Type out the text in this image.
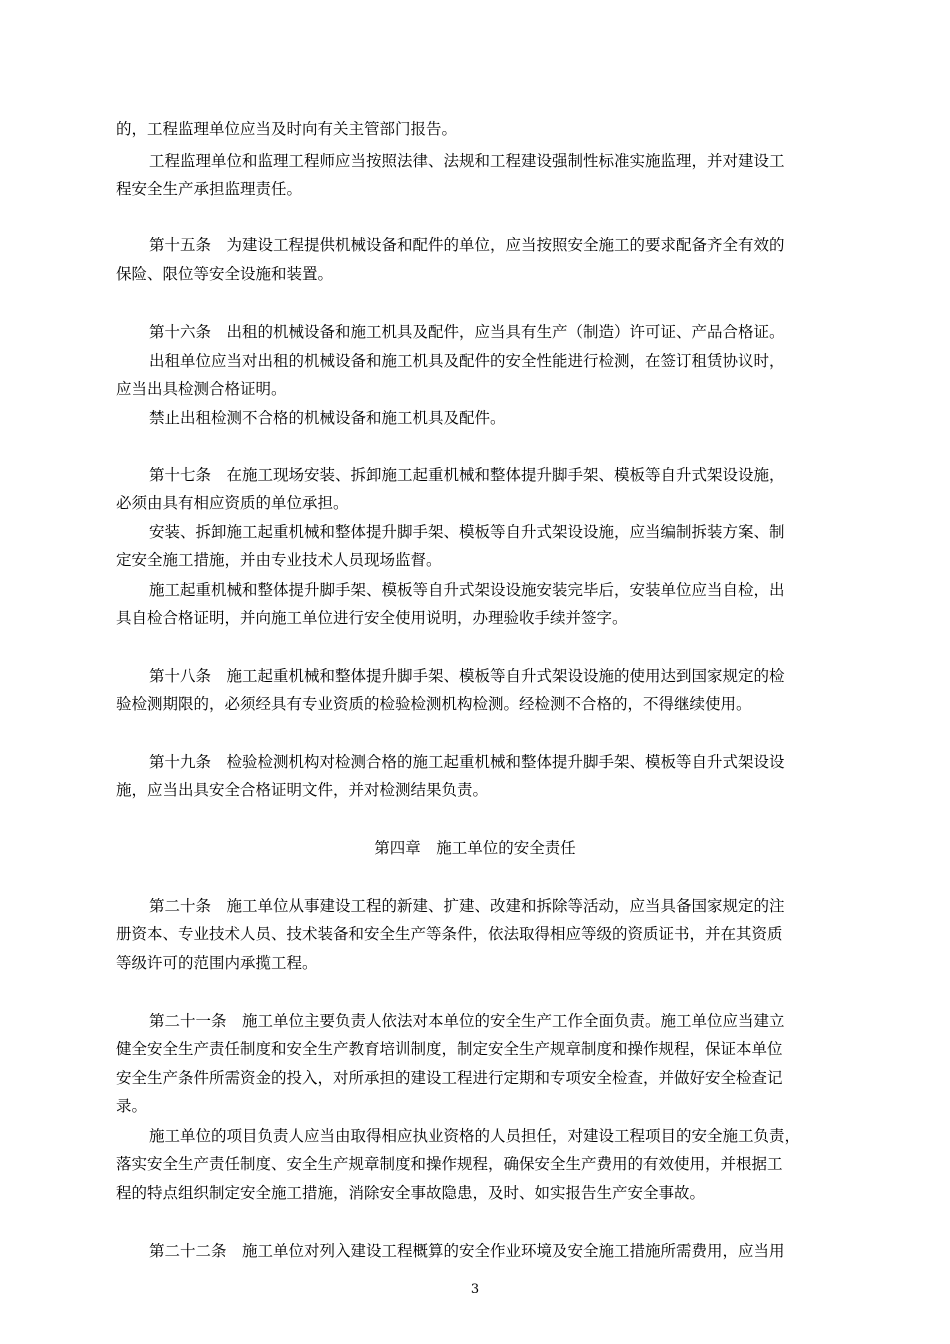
的，工程监理单位应当及时向有关主管部门报告。
工程监理单位和监理工程师应当按照法律、法规和工程建设强制性标准实施监理，并对建设工
程安全生产承担监理责任。
第十五条　为建设工程提供机械设备和配件的单位，应当按照安全施工的要求配备齐全有效的
保险、限位等安全设施和装置。
第十六条　出租的机械设备和施工机具及配件，应当具有生产（制造）许可证、产品合格证。
出租单位应当对出租的机械设备和施工机具及配件的安全性能进行检测，在签订租赁协议时，
应当出具检测合格证明。
禁止出租检测不合格的机械设备和施工机具及配件。
第十七条　在施工现场安装、拆卸施工起重机械和整体提升脚手架、模板等自升式架设设施，
必须由具有相应资质的单位承担。
安装、拆卸施工起重机械和整体提升脚手架、模板等自升式架设设施，应当编制拆装方案、制
定安全施工措施，并由专业技术人员现场监督。
施工起重机械和整体提升脚手架、模板等自升式架设设施安装完毕后，安装单位应当自检，出
具自检合格证明，并向施工单位进行安全使用说明，办理验收手续并签字。
第十八条　施工起重机械和整体提升脚手架、模板等自升式架设设施的使用达到国家规定的检
验检测期限的，必须经具有专业资质的检验检测机构检测。经检测不合格的，不得继续使用。
第十九条　检验检测机构对检测合格的施工起重机械和整体提升脚手架、模板等自升式架设设
施，应当出具安全合格证明文件，并对检测结果负责。
第四章　施工单位的安全责任
第二十条　施工单位从事建设工程的新建、扩建、改建和拆除等活动，应当具备国家规定的注
册资本、专业技术人员、技术装备和安全生产等条件，依法取得相应等级的资质证书，并在其资质
等级许可的范围内承揽工程。
第二十一条　施工单位主要负责人依法对本单位的安全生产工作全面负责。施工单位应当建立
健全安全生产责任制度和安全生产教育培训制度，制定安全生产规章制度和操作规程，保证本单位
安全生产条件所需资金的投入，对所承担的建设工程进行定期和专项安全检查，并做好安全检查记
录。
施工单位的项目负责人应当由取得相应执业资格的人员担任，对建设工程项目的安全施工负责，
落实安全生产责任制度、安全生产规章制度和操作规程，确保安全生产费用的有效使用，并根据工
程的特点组织制定安全施工措施，消除安全事故隐患，及时、如实报告生产安全事故。
第二十二条　施工单位对列入建设工程概算的安全作业环境及安全施工措施所需费用，应当用
3
